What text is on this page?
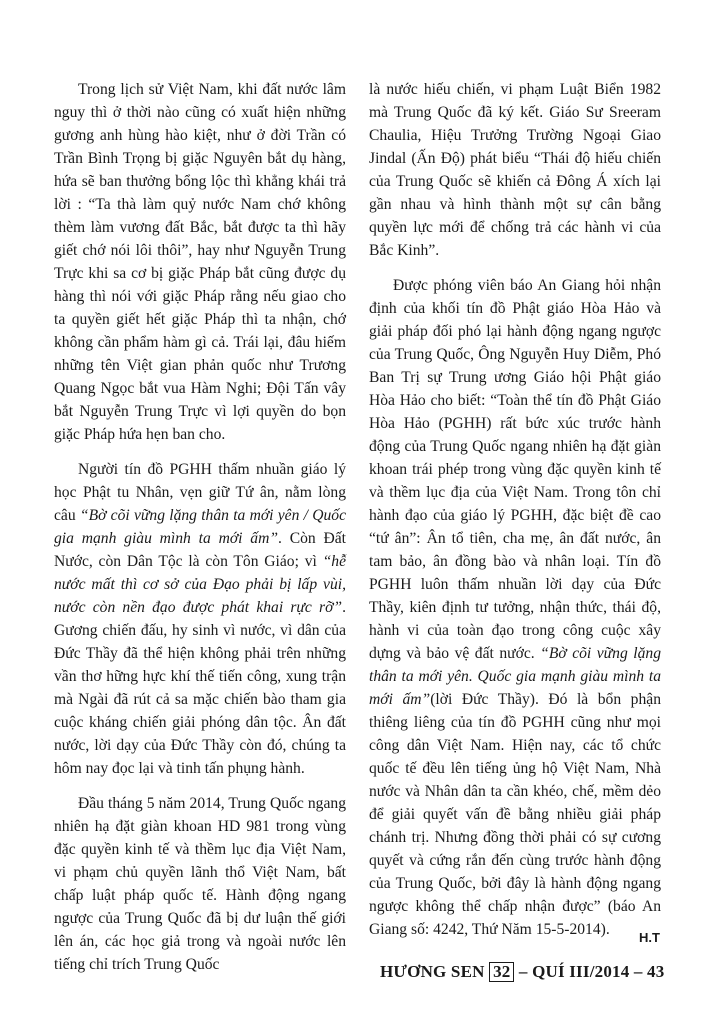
Trong lịch sử Việt Nam, khi đất nước lâm nguy thì ở thời nào cũng có xuất hiện những gương anh hùng hào kiệt, như ở đời Trần có Trần Bình Trọng bị giặc Nguyên bắt dụ hàng, hứa sẽ ban thưởng bổng lộc thì khẳng khái trả lời : “Ta thà làm quỷ nước Nam chớ không thèm làm vương đất Bắc, bắt được ta thì hãy giết chớ nói lôi thôi”, hay như Nguyễn Trung Trực khi sa cơ bị giặc Pháp bắt cũng được dụ hàng thì nói với giặc Pháp rằng nếu giao cho ta quyền giết hết giặc Pháp thì ta nhận, chớ không cần phẩm hàm gì cả. Trái lại, đâu hiếm những tên Việt gian phản quốc như Trương Quang Ngọc bắt vua Hàm Nghi; Đội Tấn vây bắt Nguyễn Trung Trực vì lợi quyền do bọn giặc Pháp hứa hẹn ban cho.

Người tín đồ PGHH thấm nhuần giáo lý học Phật tu Nhân, vẹn giữ Tứ ân, nằm lòng câu “Bờ cõi vững lặng thân ta mới yên / Quốc gia mạnh giàu mình ta mới ấm”. Còn Đất Nước, còn Dân Tộc là còn Tôn Giáo; vì “hễ nước mất thì cơ sở của Đạo phải bị lấp vùi, nước còn nền đạo được phát khai rực rỡ”. Gương chiến đấu, hy sinh vì nước, vì dân của Đức Thầy đã thể hiện không phải trên những vần thơ hững hực khí thế tiến công, xung trận mà Ngài đã rút cả sa mặc chiến bào tham gia cuộc kháng chiến giải phóng dân tộc. Ân đất nước, lời dạy của Đức Thầy còn đó, chúng ta hôm nay đọc lại và tinh tấn phụng hành.

Đầu tháng 5 năm 2014, Trung Quốc ngang nhiên hạ đặt giàn khoan HD 981 trong vùng đặc quyền kinh tế và thềm lục địa Việt Nam, vi phạm chủ quyền lãnh thổ Việt Nam, bất chấp luật pháp quốc tế. Hành động ngang ngược của Trung Quốc đã bị dư luận thế giới lên án, các học giả trong và ngoài nước lên tiếng chỉ trích Trung Quốc

là nước hiếu chiến, vi phạm Luật Biển 1982 mà Trung Quốc đã ký kết. Giáo Sư Sreeram Chaulia, Hiệu Trưởng Trường Ngoại Giao Jindal (Ấn Độ) phát biểu “Thái độ hiếu chiến của Trung Quốc sẽ khiến cả Đông Á xích lại gần nhau và hình thành một sự cân bằng quyền lực mới để chống trả các hành vi của Bắc Kinh”.

Được phóng viên báo An Giang hỏi nhận định của khối tín đồ Phật giáo Hòa Hảo và giải pháp đối phó lại hành động ngang ngược của Trung Quốc, Ông Nguyễn Huy Diễm, Phó Ban Trị sự Trung ương Giáo hội Phật giáo Hòa Hảo cho biết: “Toàn thể tín đồ Phật Giáo Hòa Hảo (PGHH) rất bức xúc trước hành động của Trung Quốc ngang nhiên hạ đặt giàn khoan trái phép trong vùng đặc quyền kinh tế và thềm lục địa của Việt Nam. Trong tôn chỉ hành đạo của giáo lý PGHH, đặc biệt đề cao “tứ ân”: Ân tổ tiên, cha mẹ, ân đất nước, ân tam bảo, ân đồng bào và nhân loại. Tín đồ PGHH luôn thấm nhuần lời dạy của Đức Thầy, kiên định tư tưởng, nhận thức, thái độ, hành vi của toàn đạo trong công cuộc xây dựng và bảo vệ đất nước. “Bờ cõi vững lặng thân ta mới yên. Quốc gia mạnh giàu mình ta mới ấm”(lời Đức Thầy). Đó là bổn phận thiêng liêng của tín đồ PGHH cũng như mọi công dân Việt Nam. Hiện nay, các tổ chức quốc tế đều lên tiếng ủng hộ Việt Nam, Nhà nước và Nhân dân ta cần khéo, chế, mềm dẻo để giải quyết vấn đề bằng nhiều giải pháp chánh trị. Nhưng đồng thời phải có sự cương quyết và cứng rắn đến cùng trước hành động của Trung Quốc, bởi đây là hành động ngang ngược không thể chấp nhận được” (báo An Giang số: 4242, Thứ Năm 15-5-2014).	H.T
HƯƠNG SEN 32 – QUÍ III/2014 – 43
